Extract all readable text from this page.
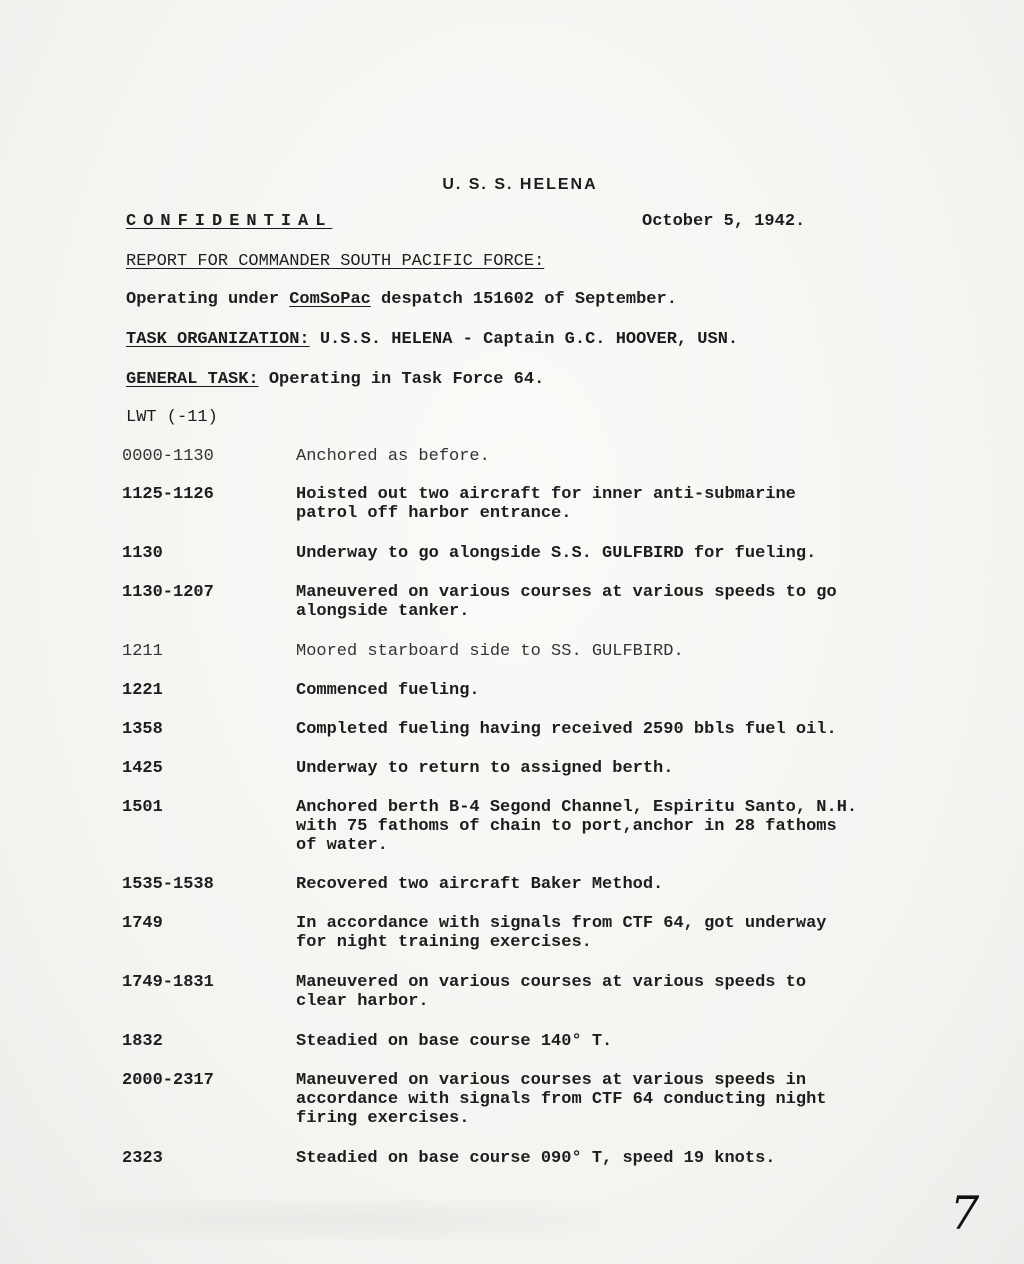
U. S. S. HELENA
CONFIDENTIAL	October 5, 1942.
REPORT FOR COMMANDER SOUTH PACIFIC FORCE:
Operating under ComSoPac despatch 151602 of September.
TASK ORGANIZATION: U.S.S. HELENA - Captain G.C. HOOVER, USN.
GENERAL TASK: Operating in Task Force 64.
LWT (-11)
0000-1130	Anchored as before.
1125-1126	Hoisted out two aircraft for inner anti-submarine
patrol off harbor entrance.
1130	Underway to go alongside S.S. GULFBIRD for fueling.
1130-1207	Maneuvered on various courses at various speeds to go
alongside tanker.
1211	Moored starboard side to SS. GULFBIRD.
1221	Commenced fueling.
1358	Completed fueling having received 2590 bbls fuel oil.
1425	Underway to return to assigned berth.
1501	Anchored berth B-4 Segond Channel, Espiritu Santo, N.H.
with 75 fathoms of chain to port,anchor in 28 fathoms
of water.
1535-1538	Recovered two aircraft Baker Method.
1749	In accordance with signals from CTF 64, got underway
for night training exercises.
1749-1831	Maneuvered on various courses at various speeds to
clear harbor.
1832	Steadied on base course 140° T.
2000-2317	Maneuvered on various courses at various speeds in
accordance with signals from CTF 64 conducting night
firing exercises.
2323	Steadied on base course 090° T, speed 19 knots.
7
